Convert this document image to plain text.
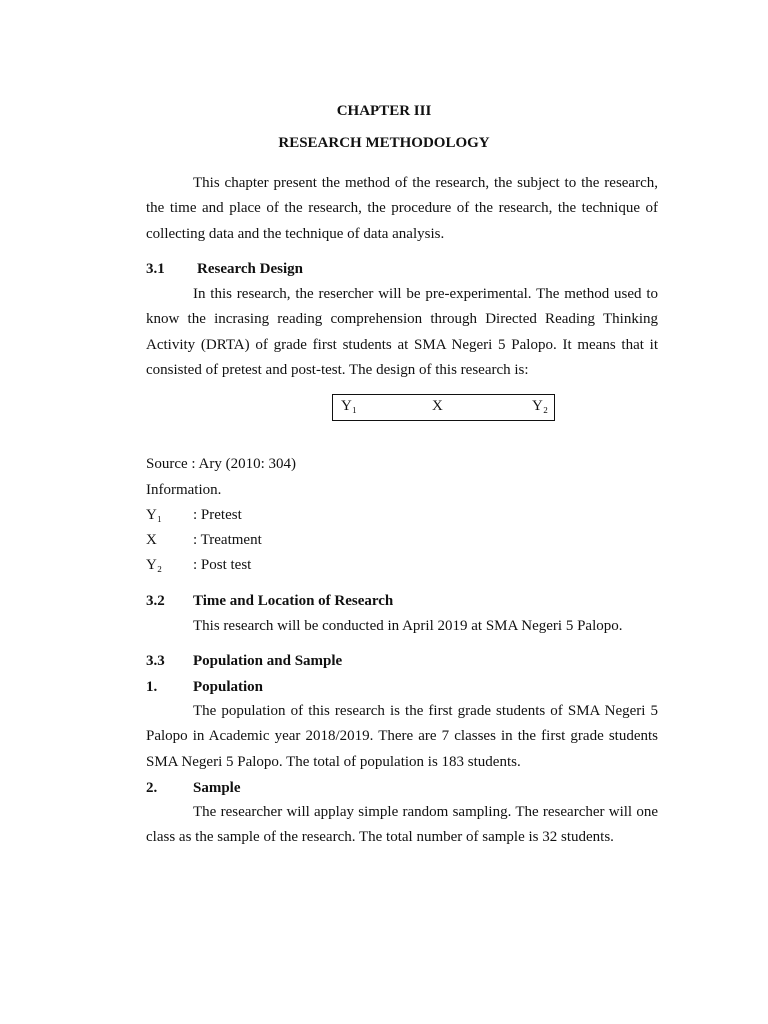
CHAPTER III
RESEARCH METHODOLOGY
This chapter present the method of the research, the subject to the research, the time and place of the research, the procedure of the research, the technique of collecting data and the technique of data analysis.
3.1 Research Design
In this research, the resercher will be pre-experimental. The method used to know the incrasing reading comprehension through Directed Reading Thinking Activity (DRTA) of grade first students at SMA Negeri 5 Palopo. It means that it consisted of pretest and post-test. The design of this research is:
Y₁	X	Y₂
Source : Ary (2010: 304)
Information.
Y₁ : Pretest
X : Treatment
Y₂ : Post test
3.2 Time and Location of Research
This research will be conducted in April 2019 at SMA Negeri 5 Palopo.
3.3 Population and Sample
1. Population
The population of this research is the first grade students of SMA Negeri 5 Palopo in Academic year 2018/2019. There are 7 classes in the first grade students SMA Negeri 5 Palopo. The total of population is 183 students.
2. Sample
The researcher will applay simple random sampling. The researcher will one class as the sample of the research. The total number of sample is 32 students.
